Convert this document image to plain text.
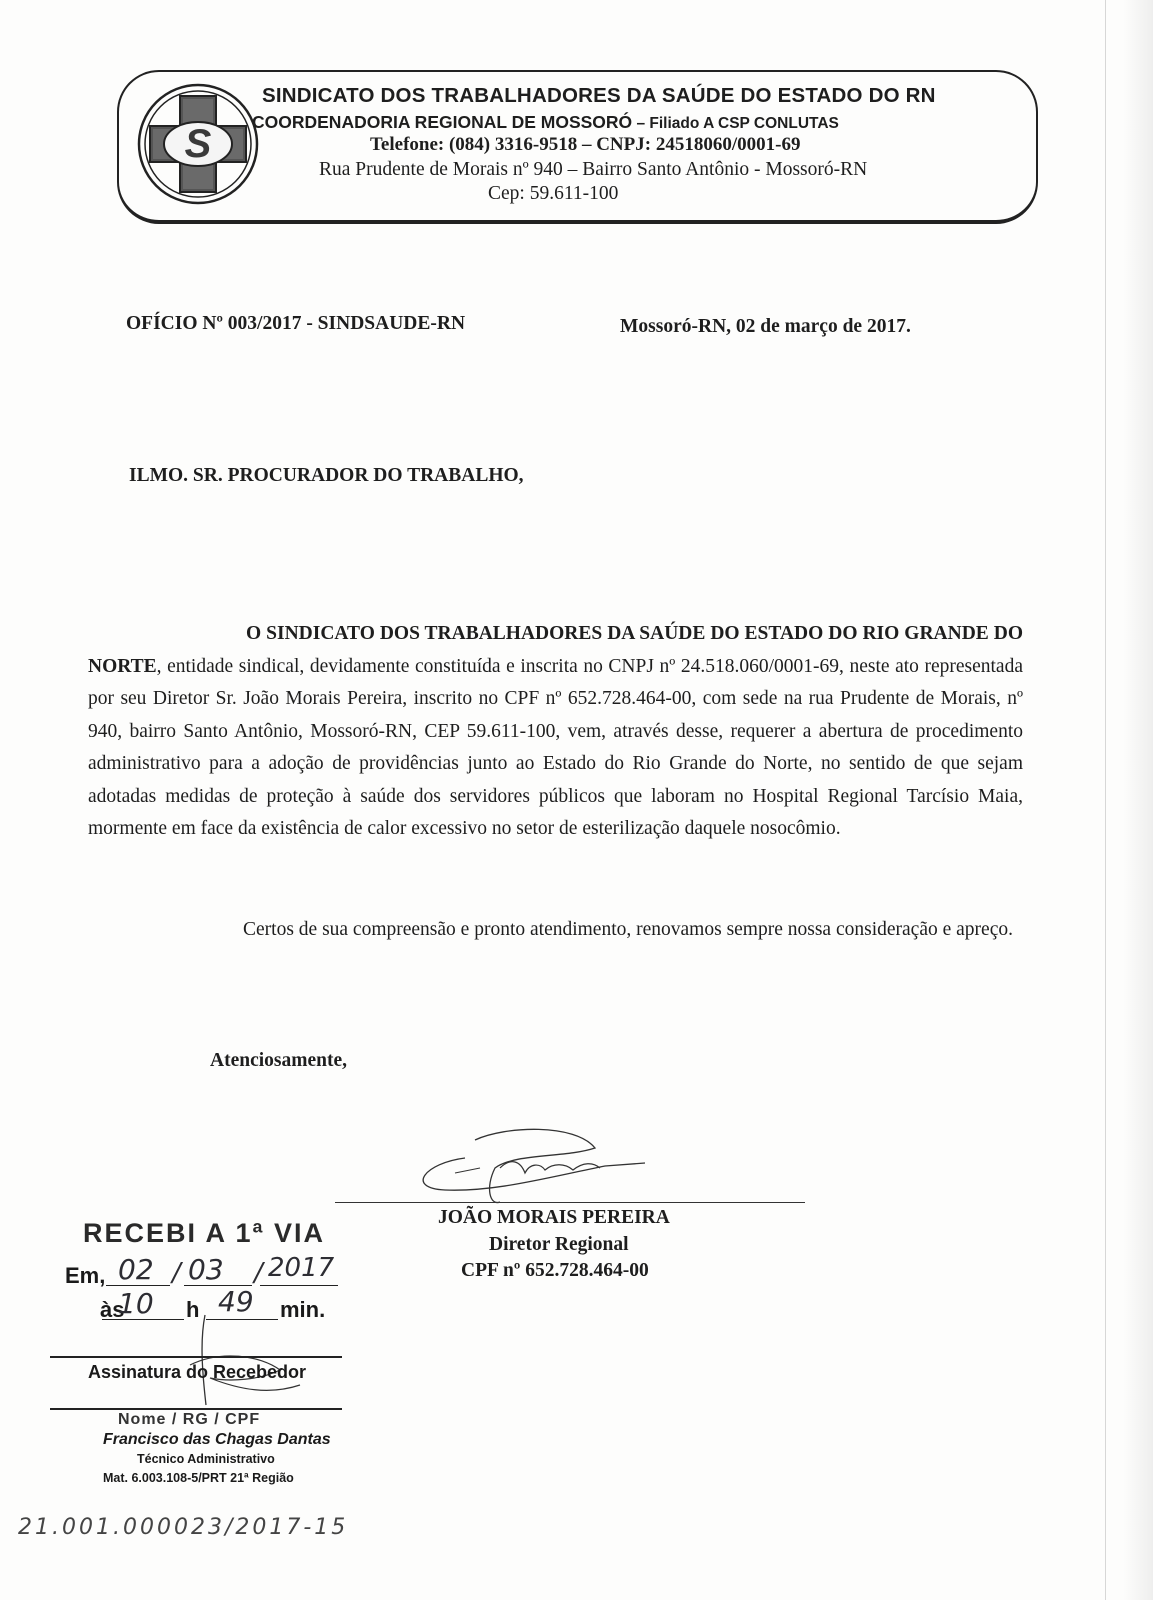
S
SINDICATO DOS TRABALHADORES DA SAÚDE DO ESTADO DO RN
COORDENADORIA REGIONAL DE MOSSORÓ – Filiado A CSP CONLUTAS
Telefone: (084) 3316-9518 – CNPJ: 24518060/0001-69
Rua Prudente de Morais nº 940 – Bairro Santo Antônio - Mossoró-RN
Cep: 59.611-100
OFÍCIO Nº 003/2017 - SINDSAUDE-RN	Mossoró-RN, 02 de março de 2017.
ILMO. SR. PROCURADOR DO TRABALHO,
O SINDICATO DOS TRABALHADORES DA SAÚDE DO ESTADO DO RIO GRANDE DO NORTE, entidade sindical, devidamente constituída e inscrita no CNPJ nº 24.518.060/0001-69, neste ato representada por seu Diretor Sr. João Morais Pereira, inscrito no CPF nº 652.728.464-00, com sede na rua Prudente de Morais, nº 940, bairro Santo Antônio, Mossoró-RN, CEP 59.611-100, vem, através desse, requerer a abertura de procedimento administrativo para a adoção de providências junto ao Estado do Rio Grande do Norte, no sentido de que sejam adotadas medidas de proteção à saúde dos servidores públicos que laboram no Hospital Regional Tarcísio Maia, mormente em face da existência de calor excessivo no setor de esterilização daquele nosocômio.
Certos de sua compreensão e pronto atendimento, renovamos sempre nossa consideração e apreço.
Atenciosamente,
JOÃO MORAIS PEREIRA
Diretor Regional
CPF nº 652.728.464-00
RECEBI A 1ª VIA
Em, 02 / 03 / 2017
às
10 h 49 min.
Assinatura do Recebedor
Nome / RG / CPF
Francisco das Chagas Dantas
Técnico Administrativo
Mat. 6.003.108-5/PRT 21ª Região
21.001.000023/2017-15
